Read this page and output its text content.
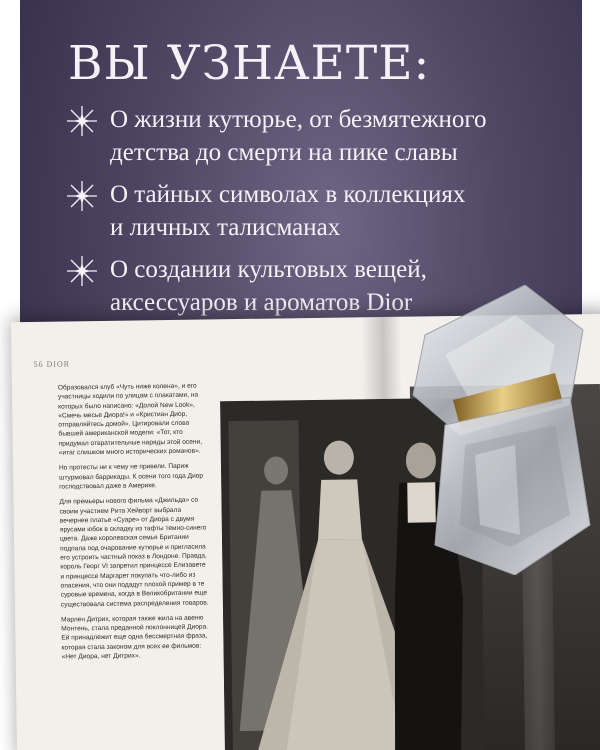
ВЫ УЗНАЕТЕ:
О жизни кутюрье, от безмятежного
детства до смерти на пике славы
О тайных символах в коллекциях
и личных талисманах
О создании культовых вещей,
аксессуаров и ароматов Dior
56 DIOR

Образовался клуб «Чуть ниже колена», и его участницы ходили по улицам с плакатами, на которых было написано: «Долой New Look», «Смечь месье Диора!» и «Кристиан Диор, отправляйтесь домой». Цитировали слова бывшей американской модели: «Тот, кто придумал отвратительные наряды этой осени, «итаг слишком много исторических романов».

Но протесты ни к чему не привели. Париж штурмовал баррикады. К осени того года Диор господствовал даже в Америке.

Для премьеры нового фильма «Джильда» со своим участием Рита Хейворт выбрала вечернее платье «Суаре» от Диора с двумя ярусами юбок в складку из тафты темно-синего цвета. Даже королевская семья Британии подпала под очарование кутюрье и пригласила его устроить частный показ в Лондоне. Правда, король Георг VI запретил принцессе Елизавете и принцессе Маргарет покупать что-либо из опасения, что они подадут плохой пример в те суровые времена, когда в Великобритании еще существовала система распределения товаров.

Марлен Дитрих, которая также жила на авеню Монтень, стала преданной поклонницей Диора. Ей принадлежит еще одна бессмертная фраза, которая стала законом для всех ее фильмов: «Нет Диора, нет Дитрих».
